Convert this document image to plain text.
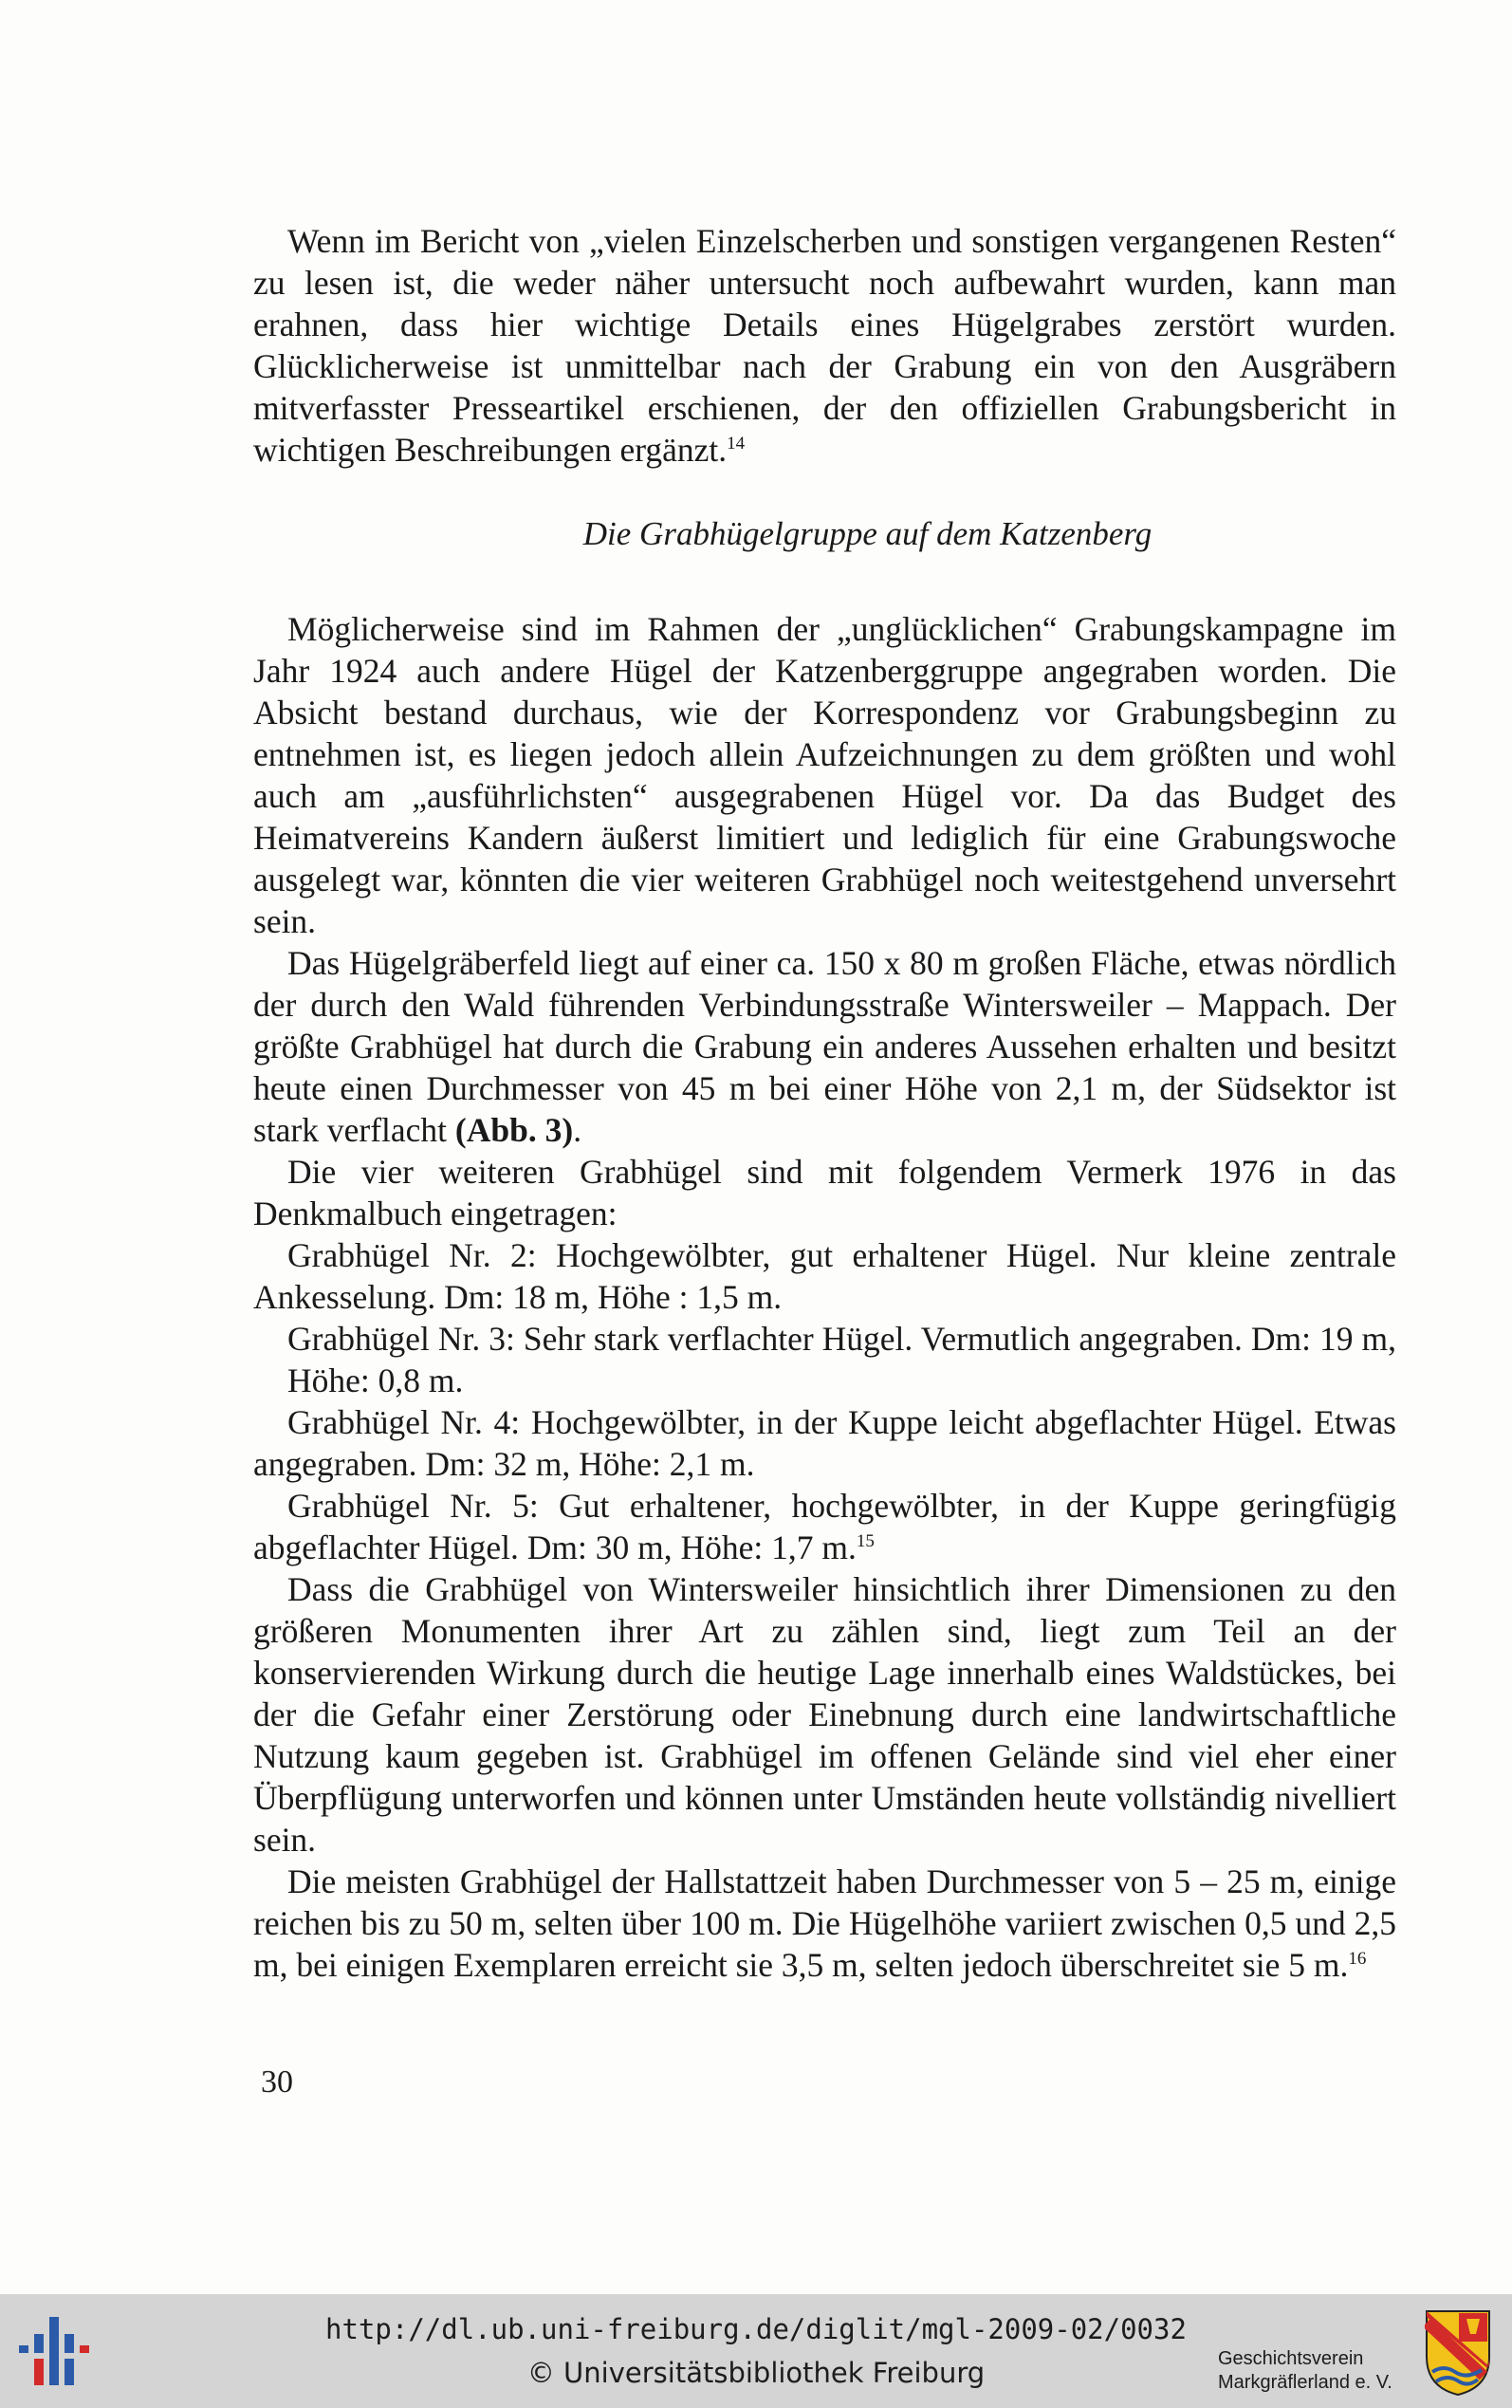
Wenn im Bericht von „vielen Einzelscherben und sonstigen vergangenen Resten“ zu lesen ist, die weder näher untersucht noch aufbewahrt wurden, kann man erahnen, dass hier wichtige Details eines Hügelgrabes zerstört wurden. Glücklicherweise ist unmittelbar nach der Grabung ein von den Ausgräbern mitverfasster Presseartikel erschienen, der den offiziellen Grabungsbericht in wichtigen Beschreibungen ergänzt.$^{14}$

Die Grabhügelgruppe auf dem Katzenberg

Möglicherweise sind im Rahmen der „unglücklichen“ Grabungskampagne im Jahr 1924 auch andere Hügel der Katzenberggruppe angegraben worden. Die Absicht bestand durchaus, wie der Korrespondenz vor Grabungsbeginn zu entnehmen ist, es liegen jedoch allein Aufzeichnungen zu dem größten und wohl auch am „ausführlichsten“ ausgegrabenen Hügel vor. Da das Budget des Heimatvereins Kandern äußerst limitiert und lediglich für eine Grabungswoche ausgelegt war, könnten die vier weiteren Grabhügel noch weitestgehend unversehrt sein.

Das Hügelgräberfeld liegt auf einer ca. 150 x 80 m großen Fläche, etwas nördlich der durch den Wald führenden Verbindungsstraße Wintersweiler – Mappach. Der größte Grabhügel hat durch die Grabung ein anderes Aussehen erhalten und besitzt heute einen Durchmesser von 45 m bei einer Höhe von 2,1 m, der Südsektor ist stark verflacht (Abb. 3).

Die vier weiteren Grabhügel sind mit folgendem Vermerk 1976 in das Denkmalbuch eingetragen:

Grabhügel Nr. 2: Hochgewölbter, gut erhaltener Hügel. Nur kleine zentrale Ankesselung. Dm: 18 m, Höhe : 1,5 m.

Grabhügel Nr. 3: Sehr stark verflachter Hügel. Vermutlich angegraben. Dm: 19 m, Höhe: 0,8 m.

Grabhügel Nr. 4: Hochgewölbter, in der Kuppe leicht abgeflachter Hügel. Etwas angegraben. Dm: 32 m, Höhe: 2,1 m.

Grabhügel Nr. 5: Gut erhaltener, hochgewölbter, in der Kuppe geringfügig abgeflachter Hügel. Dm: 30 m, Höhe: 1,7 m.$^{15}$

Dass die Grabhügel von Wintersweiler hinsichtlich ihrer Dimensionen zu den größeren Monumenten ihrer Art zu zählen sind, liegt zum Teil an der konservierenden Wirkung durch die heutige Lage innerhalb eines Waldstückes, bei der die Gefahr einer Zerstörung oder Einebnung durch eine landwirtschaftliche Nutzung kaum gegeben ist. Grabhügel im offenen Gelände sind viel eher einer Überpflügung unterworfen und können unter Umständen heute vollständig nivelliert sein.

Die meisten Grabhügel der Hallstattzeit haben Durchmesser von 5 – 25 m, einige reichen bis zu 50 m, selten über 100 m. Die Hügelhöhe variiert zwischen 0,5 und 2,5 m, bei einigen Exemplaren erreicht sie 3,5 m, selten jedoch überschreitet sie 5 m.$^{16}$

30
http://dl.ub.uni-freiburg.de/diglit/mgl-2009-02/0032
© Universitätsbibliothek Freiburg	Geschichtsverein
Markgräflerland e. V.
